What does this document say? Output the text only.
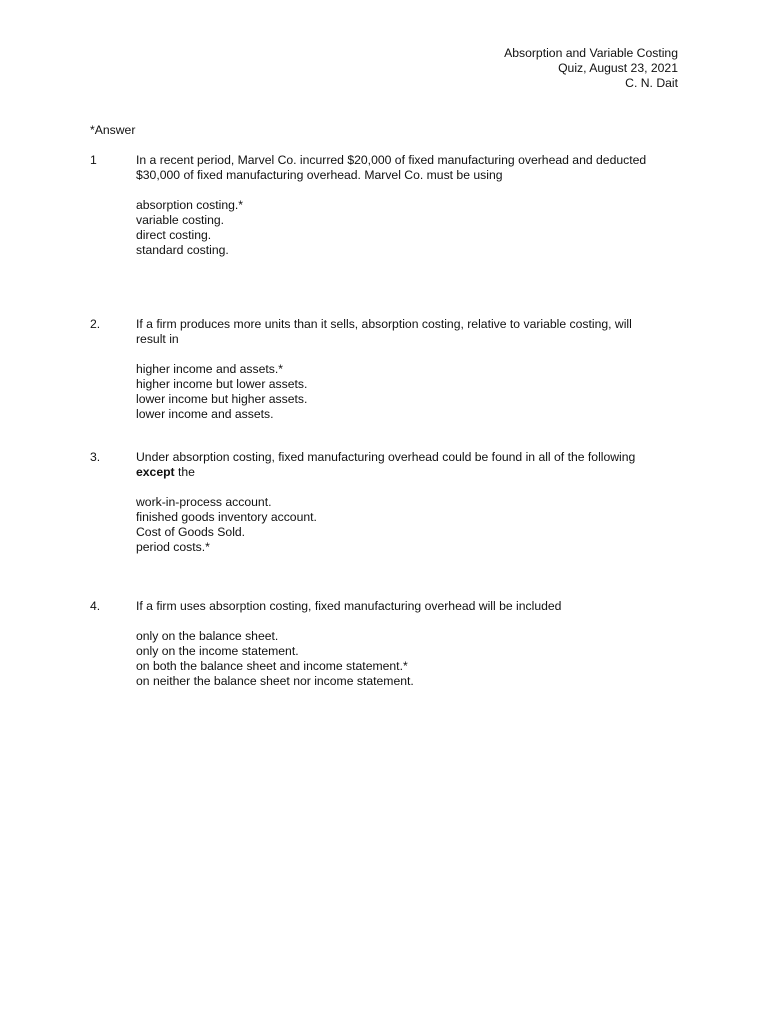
Absorption and Variable Costing
Quiz, August 23, 2021
C. N. Dait
*Answer
1	In a recent period, Marvel Co. incurred $20,000 of fixed manufacturing overhead and deducted
$30,000 of fixed manufacturing overhead. Marvel Co. must be using

absorption costing.*
variable costing.
direct costing.
standard costing.
2.	If a firm produces more units than it sells, absorption costing, relative to variable costing, will
result in

higher income and assets.*
higher income but lower assets.
lower income but higher assets.
lower income and assets.
3.	Under absorption costing, fixed manufacturing overhead could be found in all of the following
except the

work-in-process account.
finished goods inventory account.
Cost of Goods Sold.
period costs.*
4.	If a firm uses absorption costing, fixed manufacturing overhead will be included

only on the balance sheet.
only on the income statement.
on both the balance sheet and income statement.*
on neither the balance sheet nor income statement.
